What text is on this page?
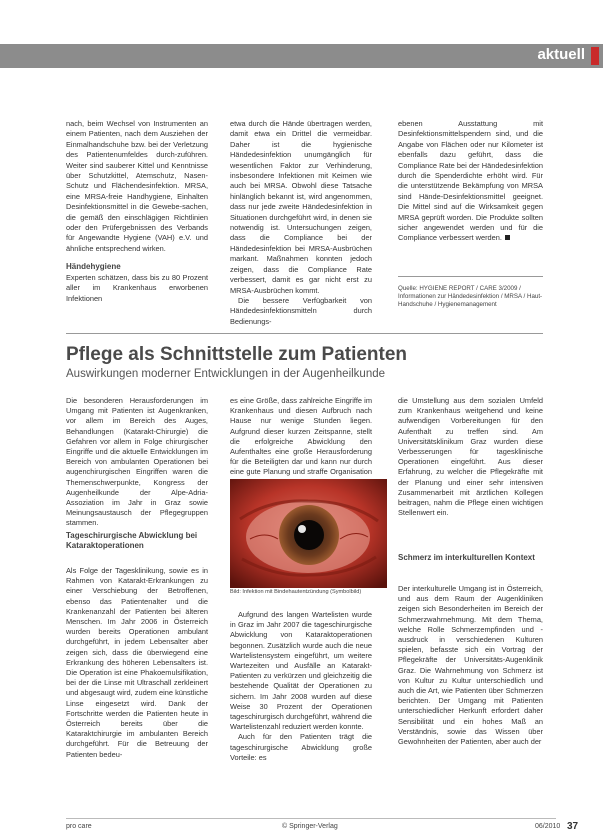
aktuell

nach, beim Wechsel von Instrumenten an einem Patienten, nach dem Ausziehen der Einmalhandschuhe bzw. bei der Verletzung des Patientenumfeldes durch-zuführen. Weiter sind sauberer Kittel und Kenntnisse über Schutzkittel, Atemschutz, Nasen-Schutz und Flächendesinfektion. MRSA, eine MRSA-freie Handhygiene, Einhalten Desinfektionsmittel in die Gewebe-sachen, die gemäß den einschlägigen Richtlinien oder den Prüfergebnissen des Verbands für Angewandte Hygiene (VAH) e.V. und ähnliche entsprechend wirken.

Händehygiene

Experten schätzen, dass bis zu 80 Prozent aller im Krankenhaus erworbenen Infektionen

etwa durch die Hände übertragen werden, damit etwa ein Drittel die vermeidbar. Daher ist die hygienische Händedesinfektion unumgänglich für wesentlichen Faktor zur Verhinderung, insbesondere Infektionen mit Keimen wie auch bei MRSA. Obwohl diese Tatsache hinlänglich bekannt ist, wird angenommen, dass nur jede zweite Händedesinfektion in Situationen durchgeführt wird, in denen sie notwendig ist. Untersuchungen zeigen, dass die Compliance bei der Händedesinfektion bei MRSA-Ausbrüchen markant. Maßnahmen konnten jedoch zeigen, dass die Compliance Rate verbessert, damit es gar nicht erst zu MRSA-Ausbrüchen kommt.

Die bessere Verfügbarkeit von Händedesinfektionsmitteln durch Bedienungs-

ebenen Ausstattung mit Desinfektionsmittelspendern sind, und die Angabe von Flächen oder nur Kilometer ist ebenfalls dazu geführt, dass die Compliance Rate bei der Händedesinfektion durch die Spenderdichte erhöht wird. Für die unterstützende Bekämpfung von MRSA sind Hände-Desinfektionsmittel geeignet. Die Mittel sind auf die Wirksamkeit gegen MRSA geprüft worden. Die Produkte sollten sicher angewendet werden und für die Compliance verbessert werden.

Quelle: HYGIENE REPORT / CARE 3/2009 / Informationen zur Händedesinfektion / MRSA / Haut-Handschuhe / Hygienemanagement
Pflege als Schnittstelle zum Patienten
Auswirkungen moderner Entwicklungen in der Augenheilkunde
Die besonderen Herausforderungen im Umgang mit Patienten ist Augenkranken, vor allem im Bereich des Auges, Behandlungen (Katarakt-Chirurgie) die Gefahren vor allem in Folge chirurgischer Eingriffe und die aktuelle Entwicklungen im Bereich von ambulanten Operationen bei augenchirurgischen Eingriffen waren die Themenschwerpunkte, Kongress der Augenheilkunde der Alpe-Adria-Assoziation im Jahr in Graz sowie Meinungsaustausch der Pflegegruppen stammen.
Tageschirurgische Abwicklung bei Kataraktoperationen
Als Folge der Tagesklinikung, sowie es in Rahmen von Katarakt-Erkrankungen zu einer Verschiebung der Betroffenen, ebenso das Patientenalter und die Krankenanzahl der Patienten bei älteren Menschen. Im Jahr 2006 in Österreich wurden bereits Operationen ambulant durchgeführt, in jedem Lebensalter aber zeigen sich, dass die überwiegend eine Erkrankung des höheren Lebensalters ist. Die Operation ist eine Phakoemulsifikation, bei der die Linse mit Ultraschall zerkleinert und abgesaugt wird, zudem eine künstliche Linse eingesetzt wird. Dank der Fortschritte werden die Patienten heute in Österreich bereits über die Kataraktchirurgie im ambulanten Bereich durchgeführt. Für die Betreuung der Patienten bedeu-
es eine Größe, dass zahlreiche Eingriffe im Krankenhaus und diesen Aufbruch nach Hause nur wenige Stunden liegen. Aufgrund dieser kurzen Zeitspanne, stellt die erfolgreiche Abwicklung den Aufenthaltes eine große Herausforderung für die Beteiligten dar und kann nur durch eine gute Planung und straffe Organisation
Bild: Infektion mit Bindehautentzündung (Symbolbild)

Aufgrund des langen Wartelisten wurde in Graz im Jahr 2007 die tageschirurgische Abwicklung von Kataraktoperationen begonnen. Zusätzlich wurde auch die neue Wartelistensystem eingeführt, um weitere Wartezeiten und Ausfälle an Katarakt-Patienten zu verkürzen und gleichzeitig die bestehende Qualität der Operationen zu sichern. Im Jahr 2008 wurden auf diese Weise 30 Prozent der Operationen tageschirurgisch durchgeführt, während die Wartelistenzahl reduziert werden konnte.

Auch für den Patienten trägt die tageschirurgische Abwicklung große Vorteile: es

die Umstellung aus dem sozialen Umfeld zum Krankenhaus weitgehend und keine aufwendigen Vorbereitungen für den Aufenthalt zu treffen sind. Am Universitätsklinikum Graz wurden diese Verbesserungen für tagesklinische Operationen eingeführt. Aus dieser Erfahrung, zu welcher die Pflegekräfte mit der Planung und einer sehr intensiven Zusammenarbeit mit ärztlichen Kollegen beitragen, nahm die Pflege einen wichtigen Stellenwert ein.
Schmerz im interkulturellen Kontext
Der interkulturelle Umgang ist in Österreich, und aus dem Raum der Augenkliniken zeigen sich Besonderheiten im Bereich der Schmerzwahrnehmung. Mit dem Thema, welche Rolle Schmerzempfinden und -ausdruck in verschiedenen Kulturen spielen, befasste sich ein Vortrag der Pflegekräfte der Universitäts-Augenklinik Graz. Die Wahrnehmung von Schmerz ist von Kultur zu Kultur unterschiedlich und auch die Art, wie Patienten über Schmerzen berichten. Der Umgang mit Patienten unterschiedlicher Herkunft erfordert daher Sensibilität und ein hohes Maß an Verständnis, sowie das Wissen über Gewohnheiten der Patienten, aber auch der
pro care	© Springer-Verlag	06/2010 37
